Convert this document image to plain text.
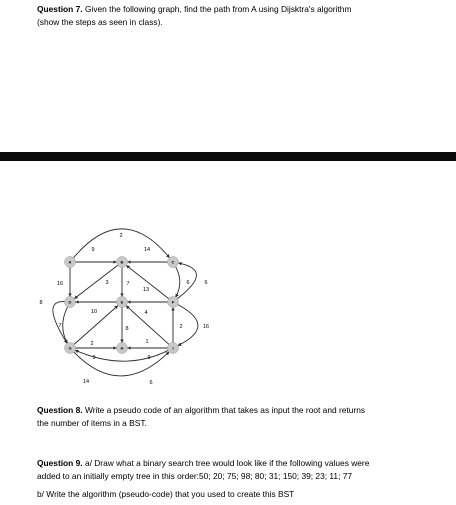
Question 7. Given the following graph, find the path from A using Dijsktra's algorithm
(show the steps as seen in class).
9
2
14
16	3	7
13
6	6
8
10	4
7
2
8
1
2	16
9	9
14	6
A	B	C
D	E	F
G	H	I
Question 8. Write a pseudo code of an algorithm that takes as input the root and returns
the number of items in a BST.
Question 9. a/ Draw what a binary search tree would look like if the following values were
added to an initially empty tree in this order:50; 20; 75; 98; 80; 31; 150; 39; 23; 11; 77
b/ Write the algorithm (pseudo-code) that you used to create this BST
